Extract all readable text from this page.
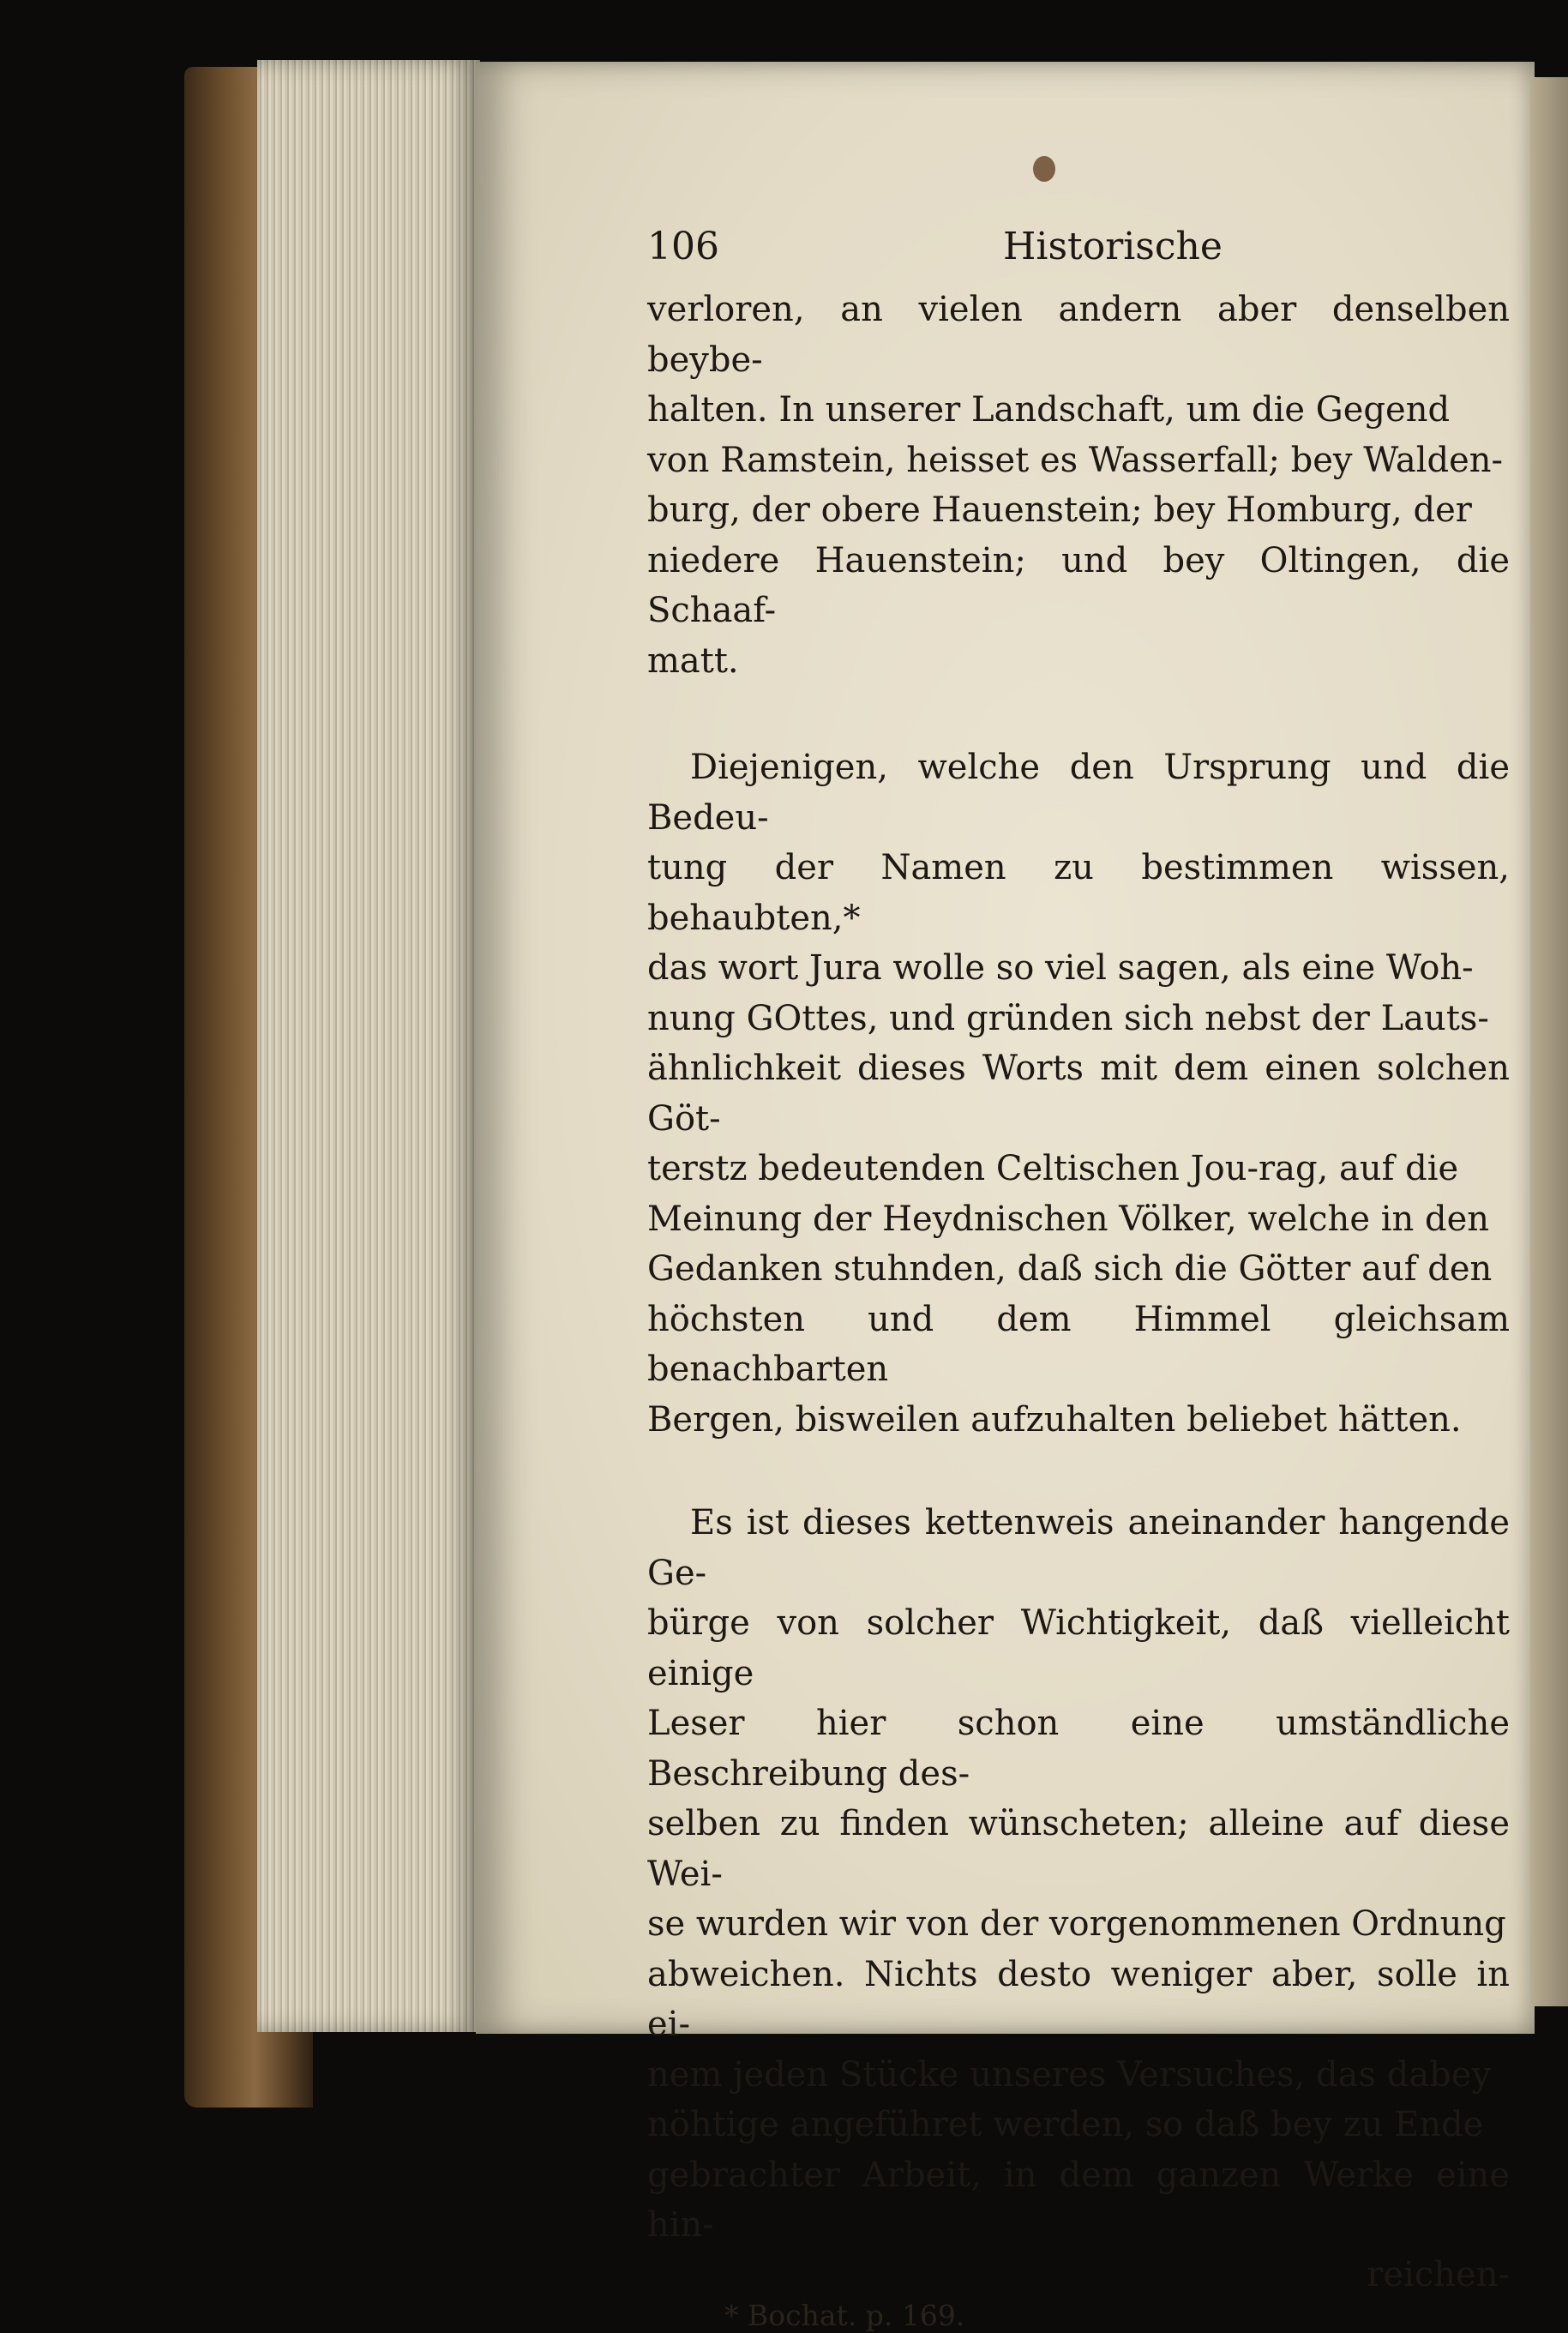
106	Historische

verloren, an vielen andern aber denselben beybe-
halten. In unserer Landschaft, um die Gegend
von Ramstein, heisset es Wasserfall; bey Walden-
burg, der obere Hauenstein; bey Homburg, der
niedere Hauenstein; und bey Oltingen, die Schaaf-
matt.

Diejenigen, welche den Ursprung und die Bedeu-
tung der Namen zu bestimmen wissen, behaubten,*
das wort Jura wolle so viel sagen, als eine Woh-
nung GOttes, und gründen sich nebst der Lauts-
ähnlichkeit dieses Worts mit dem einen solchen Göt-
terstz bedeutenden Celtischen Jou-rag, auf die
Meinung der Heydnischen Völker, welche in den
Gedanken stuhnden, daß sich die Götter auf den
höchsten und dem Himmel gleichsam benachbarten
Bergen, bisweilen aufzuhalten beliebet hätten.

Es ist dieses kettenweis aneinander hangende Ge-
bürge von solcher Wichtigkeit, daß vielleicht einige
Leser hier schon eine umständliche Beschreibung des-
selben zu finden wünscheten; alleine auf diese Wei-
se wurden wir von der vorgenommenen Ordnung
abweichen. Nichts desto weniger aber, solle in ei-
nem jeden Stücke unseres Versuches, das dabey
nöhtige angeführet werden, so daß bey zu Ende
gebrachter Arbeit, in dem ganzen Werke eine hin-

reichen-

* Bochat. p. 169.
